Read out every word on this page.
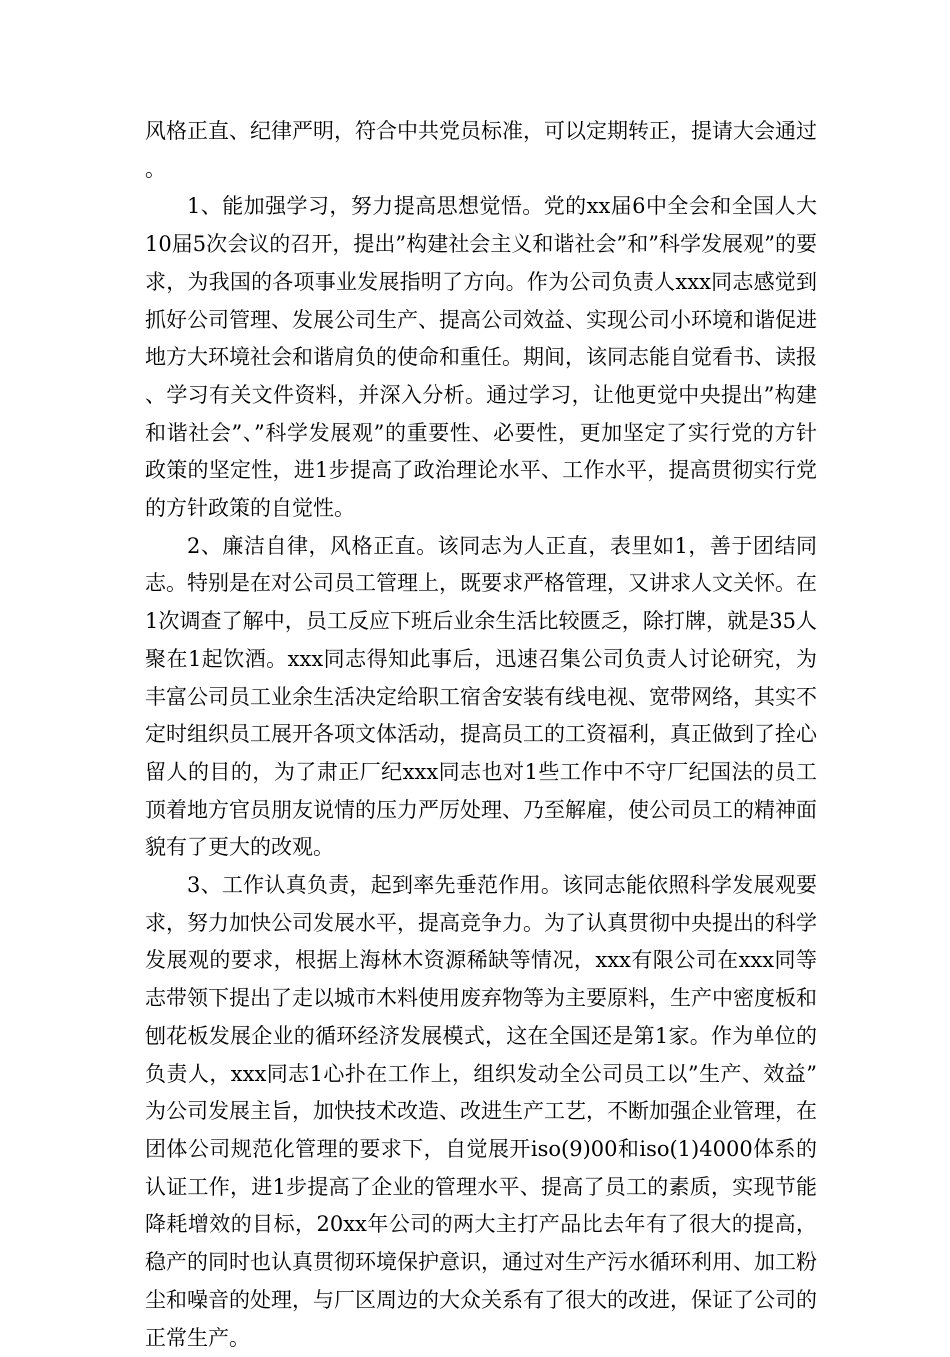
风格正直、纪律严明，符合中共党员标准，可以定期转正，提请大会通过。

1、能加强学习，努力提高思想觉悟。党的xx届6中全会和全国人大10届5次会议的召开，提出”构建社会主义和谐社会”和”科学发展观”的要求，为我国的各项事业发展指明了方向。作为公司负责人xxx同志感觉到抓好公司管理、发展公司生产、提高公司效益、实现公司小环境和谐促进地方大环境社会和谐肩负的使命和重任。期间，该同志能自觉看书、读报、学习有关文件资料，并深入分析。通过学习，让他更觉中央提出”构建和谐社会”、”科学发展观”的重要性、必要性，更加坚定了实行党的方针政策的坚定性，进1步提高了政治理论水平、工作水平，提高贯彻实行党的方针政策的自觉性。

2、廉洁自律，风格正直。该同志为人正直，表里如1，善于团结同志。特别是在对公司员工管理上，既要求严格管理，又讲求人文关怀。在1次调查了解中，员工反应下班后业余生活比较匮乏，除打牌，就是35人聚在1起饮酒。xxx同志得知此事后，迅速召集公司负责人讨论研究，为丰富公司员工业余生活决定给职工宿舍安装有线电视、宽带网络，其实不定时组织员工展开各项文体活动，提高员工的工资福利，真正做到了拴心留人的目的，为了肃正厂纪xxx同志也对1些工作中不守厂纪国法的员工顶着地方官员朋友说情的压力严厉处理、乃至解雇，使公司员工的精神面貌有了更大的改观。

3、工作认真负责，起到率先垂范作用。该同志能依照科学发展观要求，努力加快公司发展水平，提高竞争力。为了认真贯彻中央提出的科学发展观的要求，根据上海林木资源稀缺等情况，xxx有限公司在xxx同等志带领下提出了走以城市木料使用废弃物等为主要原料，生产中密度板和刨花板发展企业的循环经济发展模式，这在全国还是第1家。作为单位的负责人，xxx同志1心扑在工作上，组织发动全公司员工以”生产、效益”为公司发展主旨，加快技术改造、改进生产工艺，不断加强企业管理，在团体公司规范化管理的要求下，自觉展开iso(9)00和iso(1)4000体系的认证工作，进1步提高了企业的管理水平、提高了员工的素质，实现节能降耗增效的目标，20xx年公司的两大主打产品比去年有了很大的提高，稳产的同时也认真贯彻环境保护意识，通过对生产污水循环利用、加工粉尘和噪音的处理，与厂区周边的大众关系有了很大的改进，保证了公司的正常生产。
